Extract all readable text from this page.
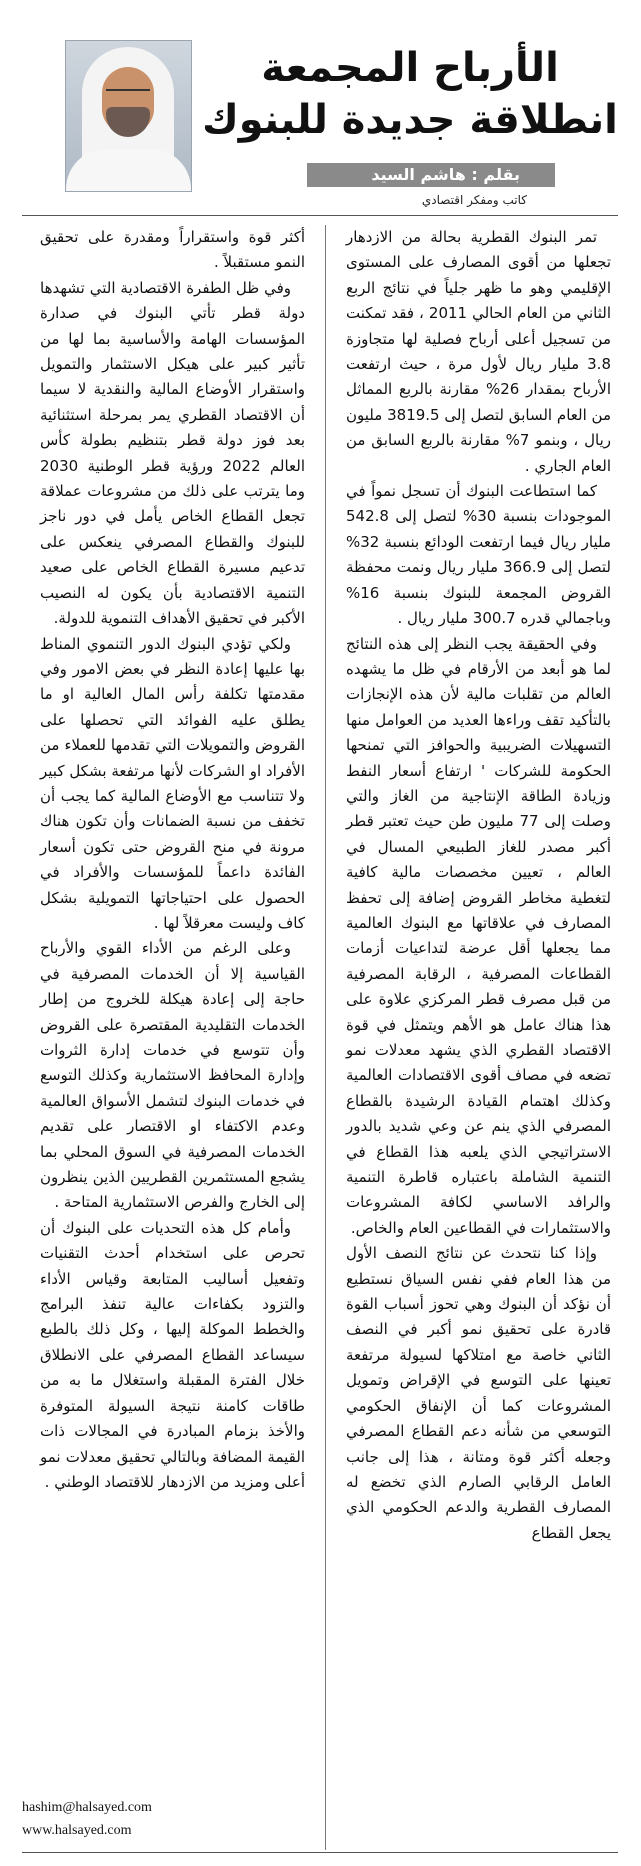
الأرباح المجمعة انطلاقة جديدة للبنوك
بقلم : هاشم السيد
كاتب ومفكر اقتصادي

تمر البنوك القطرية بحالة من الازدهار تجعلها من أقوى المصارف على المستوى الإقليمي وهو ما ظهر جلياً في نتائج الربع الثاني من العام الحالي 2011 ، فقد تمكنت من تسجيل أعلى أرباح فصلية لها متجاوزة 3.8 مليار ريال لأول مرة ، حيث ارتفعت الأرباح بمقدار 26% مقارنة بالربع المماثل من العام السابق لتصل إلى 3819.5 مليون ريال ، وبنمو 7% مقارنة بالربع السابق من العام الجاري .

كما استطاعت البنوك أن تسجل نمواً في الموجودات بنسبة 30% لتصل إلى 542.8 مليار ريال فيما ارتفعت الودائع بنسبة 32% لتصل إلى 366.9 مليار ريال ونمت محفظة القروض المجمعة للبنوك بنسبة 16% وباجمالي قدره 300.7 مليار ريال .

وفي الحقيقة يجب النظر إلى هذه النتائج لما هو أبعد من الأرقام في ظل ما يشهده العالم من تقلبات مالية لأن هذه الإنجازات بالتأكيد تقف وراءها العديد من العوامل منها التسهيلات الضريبية والحوافز التي تمنحها الحكومة للشركات ' ارتفاع أسعار النفط وزيادة الطاقة الإنتاجية من الغاز والتي وصلت إلى 77 مليون طن حيث تعتبر قطر أكبر مصدر للغاز الطبيعي المسال في العالم ، تعيين مخصصات مالية كافية لتغطية مخاطر القروض إضافة إلى تحفظ المصارف في علاقاتها مع البنوك العالمية مما يجعلها أقل عرضة لتداعيات أزمات القطاعات المصرفية ، الرقابة المصرفية من قبل مصرف قطر المركزي علاوة على هذا هناك عامل هو الأهم ويتمثل في قوة الاقتصاد القطري الذي يشهد معدلات نمو تضعه في مصاف أقوى الاقتصادات العالمية وكذلك اهتمام القيادة الرشيدة بالقطاع المصرفي الذي ينم عن وعي شديد بالدور الاستراتيجي الذي يلعبه هذا القطاع في التنمية الشاملة باعتباره قاطرة التنمية والرافد الاساسي لكافة المشروعات والاستثمارات في القطاعين العام والخاص.

وإذا كنا نتحدث عن نتائج النصف الأول من هذا العام ففي نفس السياق نستطيع أن نؤكد أن البنوك وهي تحوز أسباب القوة قادرة على تحقيق نمو أكبر في النصف الثاني خاصة مع امتلاكها لسيولة مرتفعة تعينها على التوسع في الإقراض وتمويل المشروعات كما أن الإنفاق الحكومي التوسعي من شأنه دعم القطاع المصرفي وجعله أكثر قوة ومتانة ، هذا إلى جانب العامل الرقابي الصارم الذي تخضع له المصارف القطرية والدعم الحكومي الذي يجعل القطاع

أكثر قوة واستقراراً ومقدرة على تحقيق النمو مستقبلاً .

وفي ظل الطفرة الاقتصادية التي تشهدها دولة قطر تأتي البنوك في صدارة المؤسسات الهامة والأساسية بما لها من تأثير كبير على هيكل الاستثمار والتمويل واستقرار الأوضاع المالية والنقدية لا سيما أن الاقتصاد القطري يمر بمرحلة استثنائية بعد فوز دولة قطر بتنظيم بطولة كأس العالم 2022 ورؤية قطر الوطنية 2030 وما يترتب على ذلك من مشروعات عملاقة تجعل القطاع الخاص يأمل في دور ناجز للبنوك والقطاع المصرفي ينعكس على تدعيم مسيرة القطاع الخاص على صعيد التنمية الاقتصادية بأن يكون له النصيب الأكبر في تحقيق الأهداف التنموية للدولة.

ولكي تؤدي البنوك الدور التنموي المناط بها عليها إعادة النظر في بعض الامور وفي مقدمتها تكلفة رأس المال العالية او ما يطلق عليه الفوائد التي تحصلها على القروض والتمويلات التي تقدمها للعملاء من الأفراد او الشركات لأنها مرتفعة بشكل كبير ولا تتناسب مع الأوضاع المالية كما يجب أن تخفف من نسبة الضمانات وأن تكون هناك مرونة في منح القروض حتى تكون أسعار الفائدة داعماً للمؤسسات والأفراد في الحصول على احتياجاتها التمويلية بشكل كاف وليست معرقلاً لها .

وعلى الرغم من الأداء القوي والأرباح القياسية إلا أن الخدمات المصرفية في حاجة إلى إعادة هيكلة للخروج من إطار الخدمات التقليدية المقتصرة على القروض وأن تتوسع في خدمات إدارة الثروات وإدارة المحافظ الاستثمارية وكذلك التوسع في خدمات البنوك لتشمل الأسواق العالمية وعدم الاكتفاء او الاقتصار على تقديم الخدمات المصرفية في السوق المحلي بما يشجع المستثمرين القطريين الذين ينظرون إلى الخارج والفرص الاستثمارية المتاحة .

وأمام كل هذه التحديات على البنوك أن تحرص على استخدام أحدث التقنيات وتفعيل أساليب المتابعة وقياس الأداء والتزود بكفاءات عالية تنفذ البرامج والخطط الموكلة إليها ، وكل ذلك بالطبع سيساعد القطاع المصرفي على الانطلاق خلال الفترة المقبلة واستغلال ما به من طاقات كامنة نتيجة السيولة المتوفرة والأخذ بزمام المبادرة في المجالات ذات القيمة المضافة وبالتالي تحقيق معدلات نمو أعلى ومزيد من الازدهار للاقتصاد الوطني .

hashim@halsayed.com
www.halsayed.com
